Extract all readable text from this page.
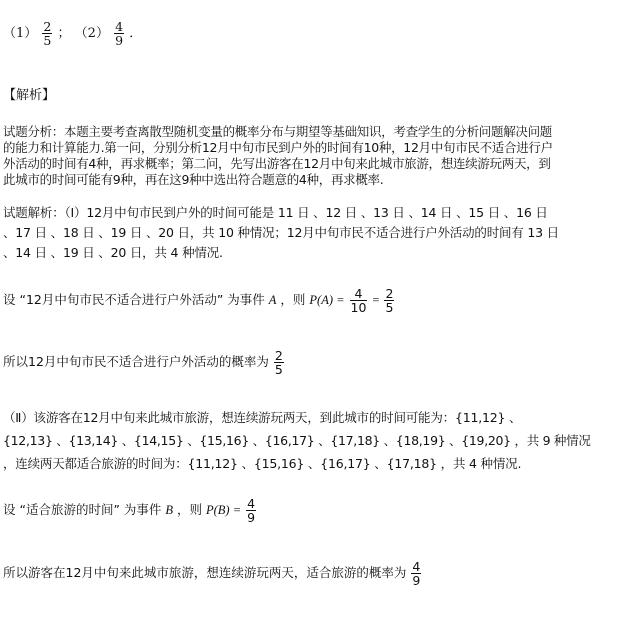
$(1) \frac{2}{5}$ ； $(2) \frac{4}{9}$ ．
【解析】
试题分析：本题主要考查离散型随机变量的概率分布与期望等基础知识，考查学生的分析问题解决问题
的能力和计算能力.第一问，分别分析12月中旬市民到户外的时间有10种，12月中旬市民不适合进行户
外活动的时间有4种，再求概率；第二问，先写出游客在12月中旬来此城市旅游，想连续游玩两天，到
此城市的时间可能有9种，再在这9种中选出符合题意的4种，再求概率.
试题解析：（Ⅰ）12月中旬市民到户外的时间可能是 11 日 、12 日 、13 日 、14 日 、15 日 、16 日
、17 日 、18 日 、19 日 、20 日，共 10 种情况；12月中旬市民不适合进行户外活动的时间有 13 日
、14 日 、19 日 、20 日，共 4 种情况.
设 “12月中旬市民不适合进行户外活动” 为事件 A ，则 $P(A) = \frac{4}{10} = \frac{2}{5}$
所以12月中旬市民不适合进行户外活动的概率为 $\frac{2}{5}$
（Ⅱ）该游客在12月中旬来此城市旅游，想连续游玩两天，到此城市的时间可能为：{11,12} 、
{12,13} 、{13,14} 、{14,15} 、{15,16} 、{16,17} 、{17,18} 、{18,19} 、{19,20} ，共 9 种情况
，连续两天都适合旅游的时间为：{11,12} 、{15,16} 、{16,17} 、{17,18} ，共 4 种情况.
设 “适合旅游的时间” 为事件 B ，则 $P(B) = \frac{4}{9}$
所以游客在12月中旬来此城市旅游，想连续游玩两天，适合旅游的概率为 $\frac{4}{9}$
